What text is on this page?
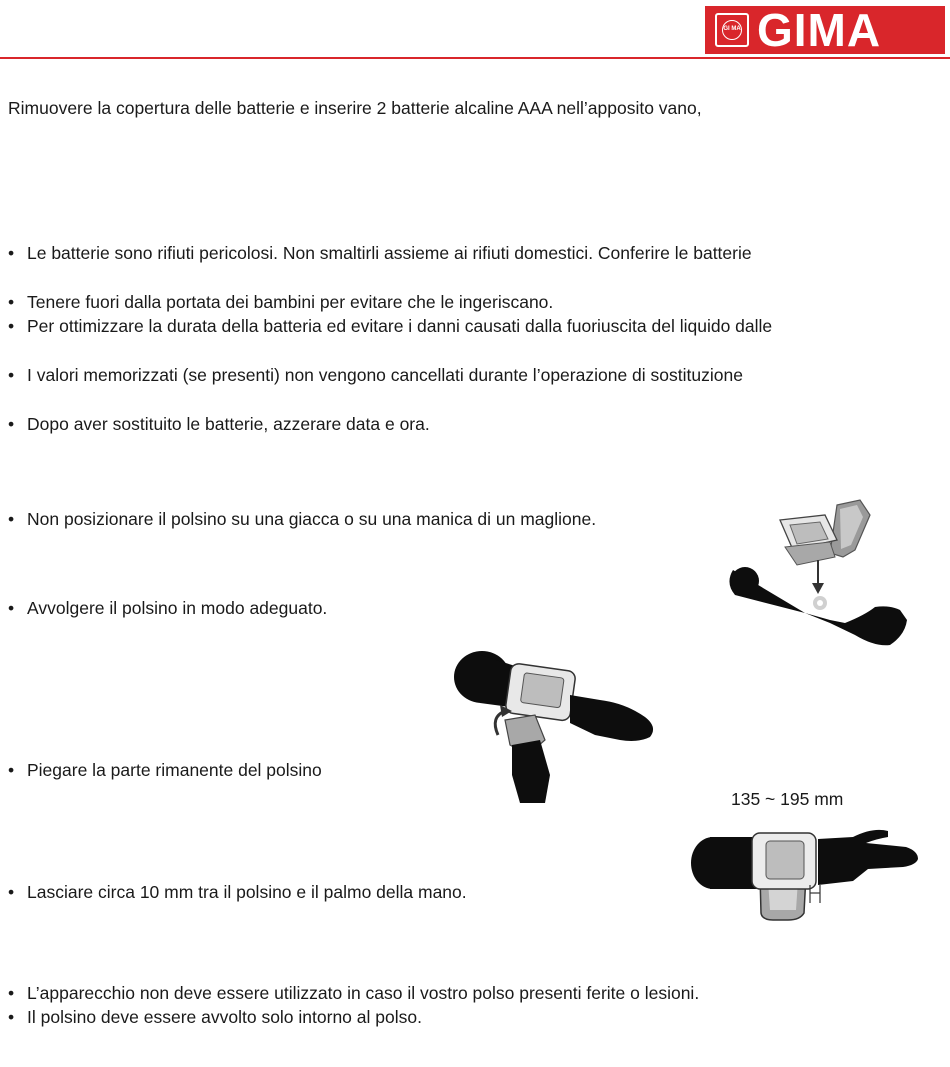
GI MA GIMA
Rimuovere la copertura delle batterie e inserire 2 batterie alcaline AAA nell’apposito vano,
• Le batterie sono rifiuti pericolosi. Non smaltirli assieme ai rifiuti domestici. Conferire le batterie
• Tenere fuori dalla portata dei bambini per evitare che le ingeriscano.
• Per ottimizzare la durata della batteria ed evitare i danni causati dalla fuoriuscita del liquido dalle
• I valori memorizzati (se presenti) non vengono cancellati durante l’operazione di sostituzione
• Dopo aver sostituito le batterie, azzerare data e ora.
• Non posizionare il polsino su una giacca o su una manica di un maglione.
• Avvolgere il polsino in modo adeguato.
• Piegare la parte rimanente del polsino
• Lasciare circa 10 mm tra il polsino e il palmo della mano.
• L’apparecchio non deve essere utilizzato in caso il vostro polso presenti ferite o lesioni.
• Il polsino deve essere avvolto solo intorno al polso.
135 ~ 195 mm
